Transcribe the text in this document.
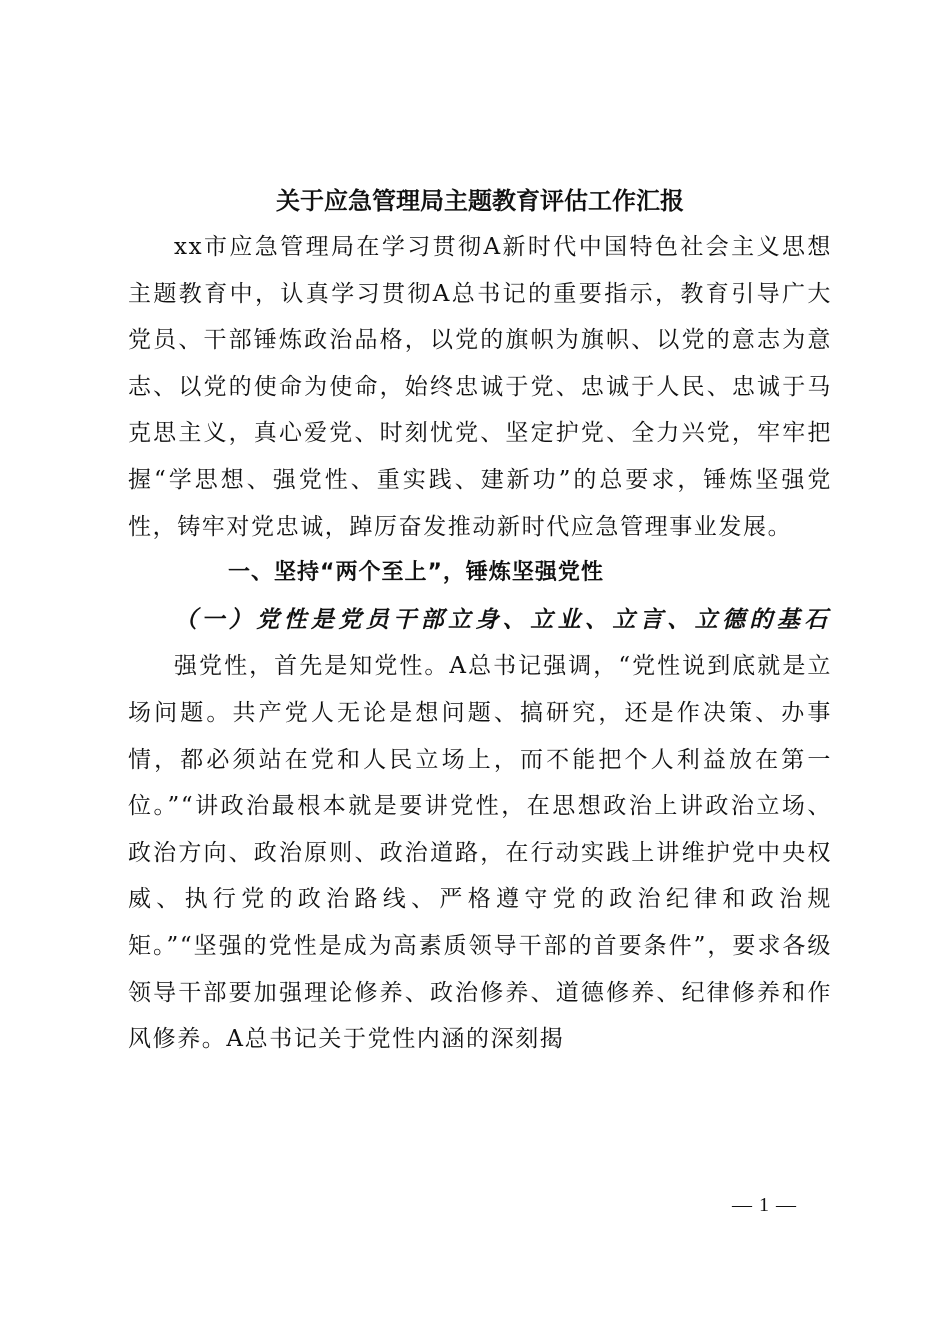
关于应急管理局主题教育评估工作汇报

xx市应急管理局在学习贯彻A新时代中国特色社会主义思想主题教育中，认真学习贯彻A总书记的重要指示，教育引导广大党员、干部锤炼政治品格，以党的旗帜为旗帜、以党的意志为意志、以党的使命为使命，始终忠诚于党、忠诚于人民、忠诚于马克思主义，真心爱党、时刻忧党、坚定护党、全力兴党，牢牢把握“学思想、强党性、重实践、建新功”的总要求，锤炼坚强党性，铸牢对党忠诚，踔厉奋发推动新时代应急管理事业发展。

一、坚持“两个至上”，锤炼坚强党性
（一）党性是党员干部立身、立业、立言、立德的基石

强党性，首先是知党性。A总书记强调，“党性说到底就是立场问题。共产党人无论是想问题、搞研究，还是作决策、办事情，都必须站在党和人民立场上，而不能把个人利益放在第一位。”“讲政治最根本就是要讲党性，在思想政治上讲政治立场、政治方向、政治原则、政治道路，在行动实践上讲维护党中央权威、执行党的政治路线、严格遵守党的政治纪律和政治规矩。”“坚强的党性是成为高素质领导干部的首要条件”，要求各级领导干部要加强理论修养、政治修养、道德修养、纪律修养和作风修养。A总书记关于党性内涵的深刻揭

— 1 —
